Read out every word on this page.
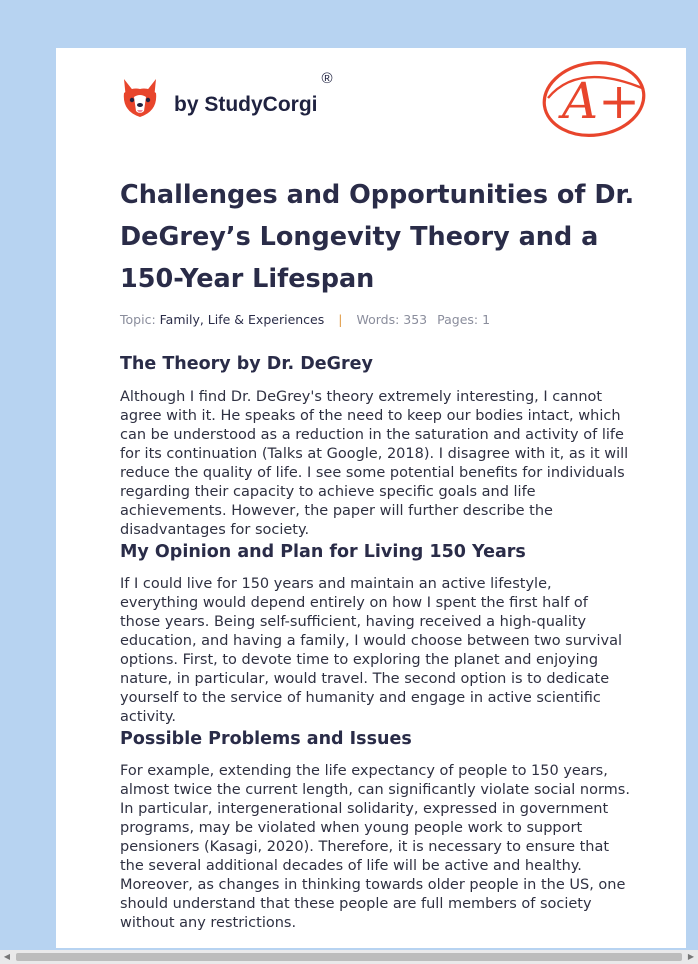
by StudyCorgi
®	A+
Challenges and Opportunities of Dr. DeGrey’s Longevity Theory and a 150-Year Lifespan
Topic: Family, Life & Experiences | Words: 353 Pages: 1
The Theory by Dr. DeGrey

Although I find Dr. DeGrey's theory extremely interesting, I cannot agree with it. He speaks of the need to keep our bodies intact, which can be understood as a reduction in the saturation and activity of life for its continuation (Talks at Google, 2018). I disagree with it, as it will reduce the quality of life. I see some potential benefits for individuals regarding their capacity to achieve specific goals and life achievements. However, the paper will further describe the disadvantages for society.

My Opinion and Plan for Living 150 Years

If I could live for 150 years and maintain an active lifestyle, everything would depend entirely on how I spent the first half of those years. Being self-sufficient, having received a high-quality education, and having a family, I would choose between two survival options. First, to devote time to exploring the planet and enjoying nature, in particular, would travel. The second option is to dedicate yourself to the service of humanity and engage in active scientific activity.

Possible Problems and Issues

For example, extending the life expectancy of people to 150 years, almost twice the current length, can significantly violate social norms. In particular, intergenerational solidarity, expressed in government programs, may be violated when young people work to support pensioners (Kasagi, 2020). Therefore, it is necessary to ensure that the several additional decades of life will be active and healthy. Moreover, as changes in thinking towards older people in the US, one should understand that these people are full members of society without any restrictions.

◀	▶
